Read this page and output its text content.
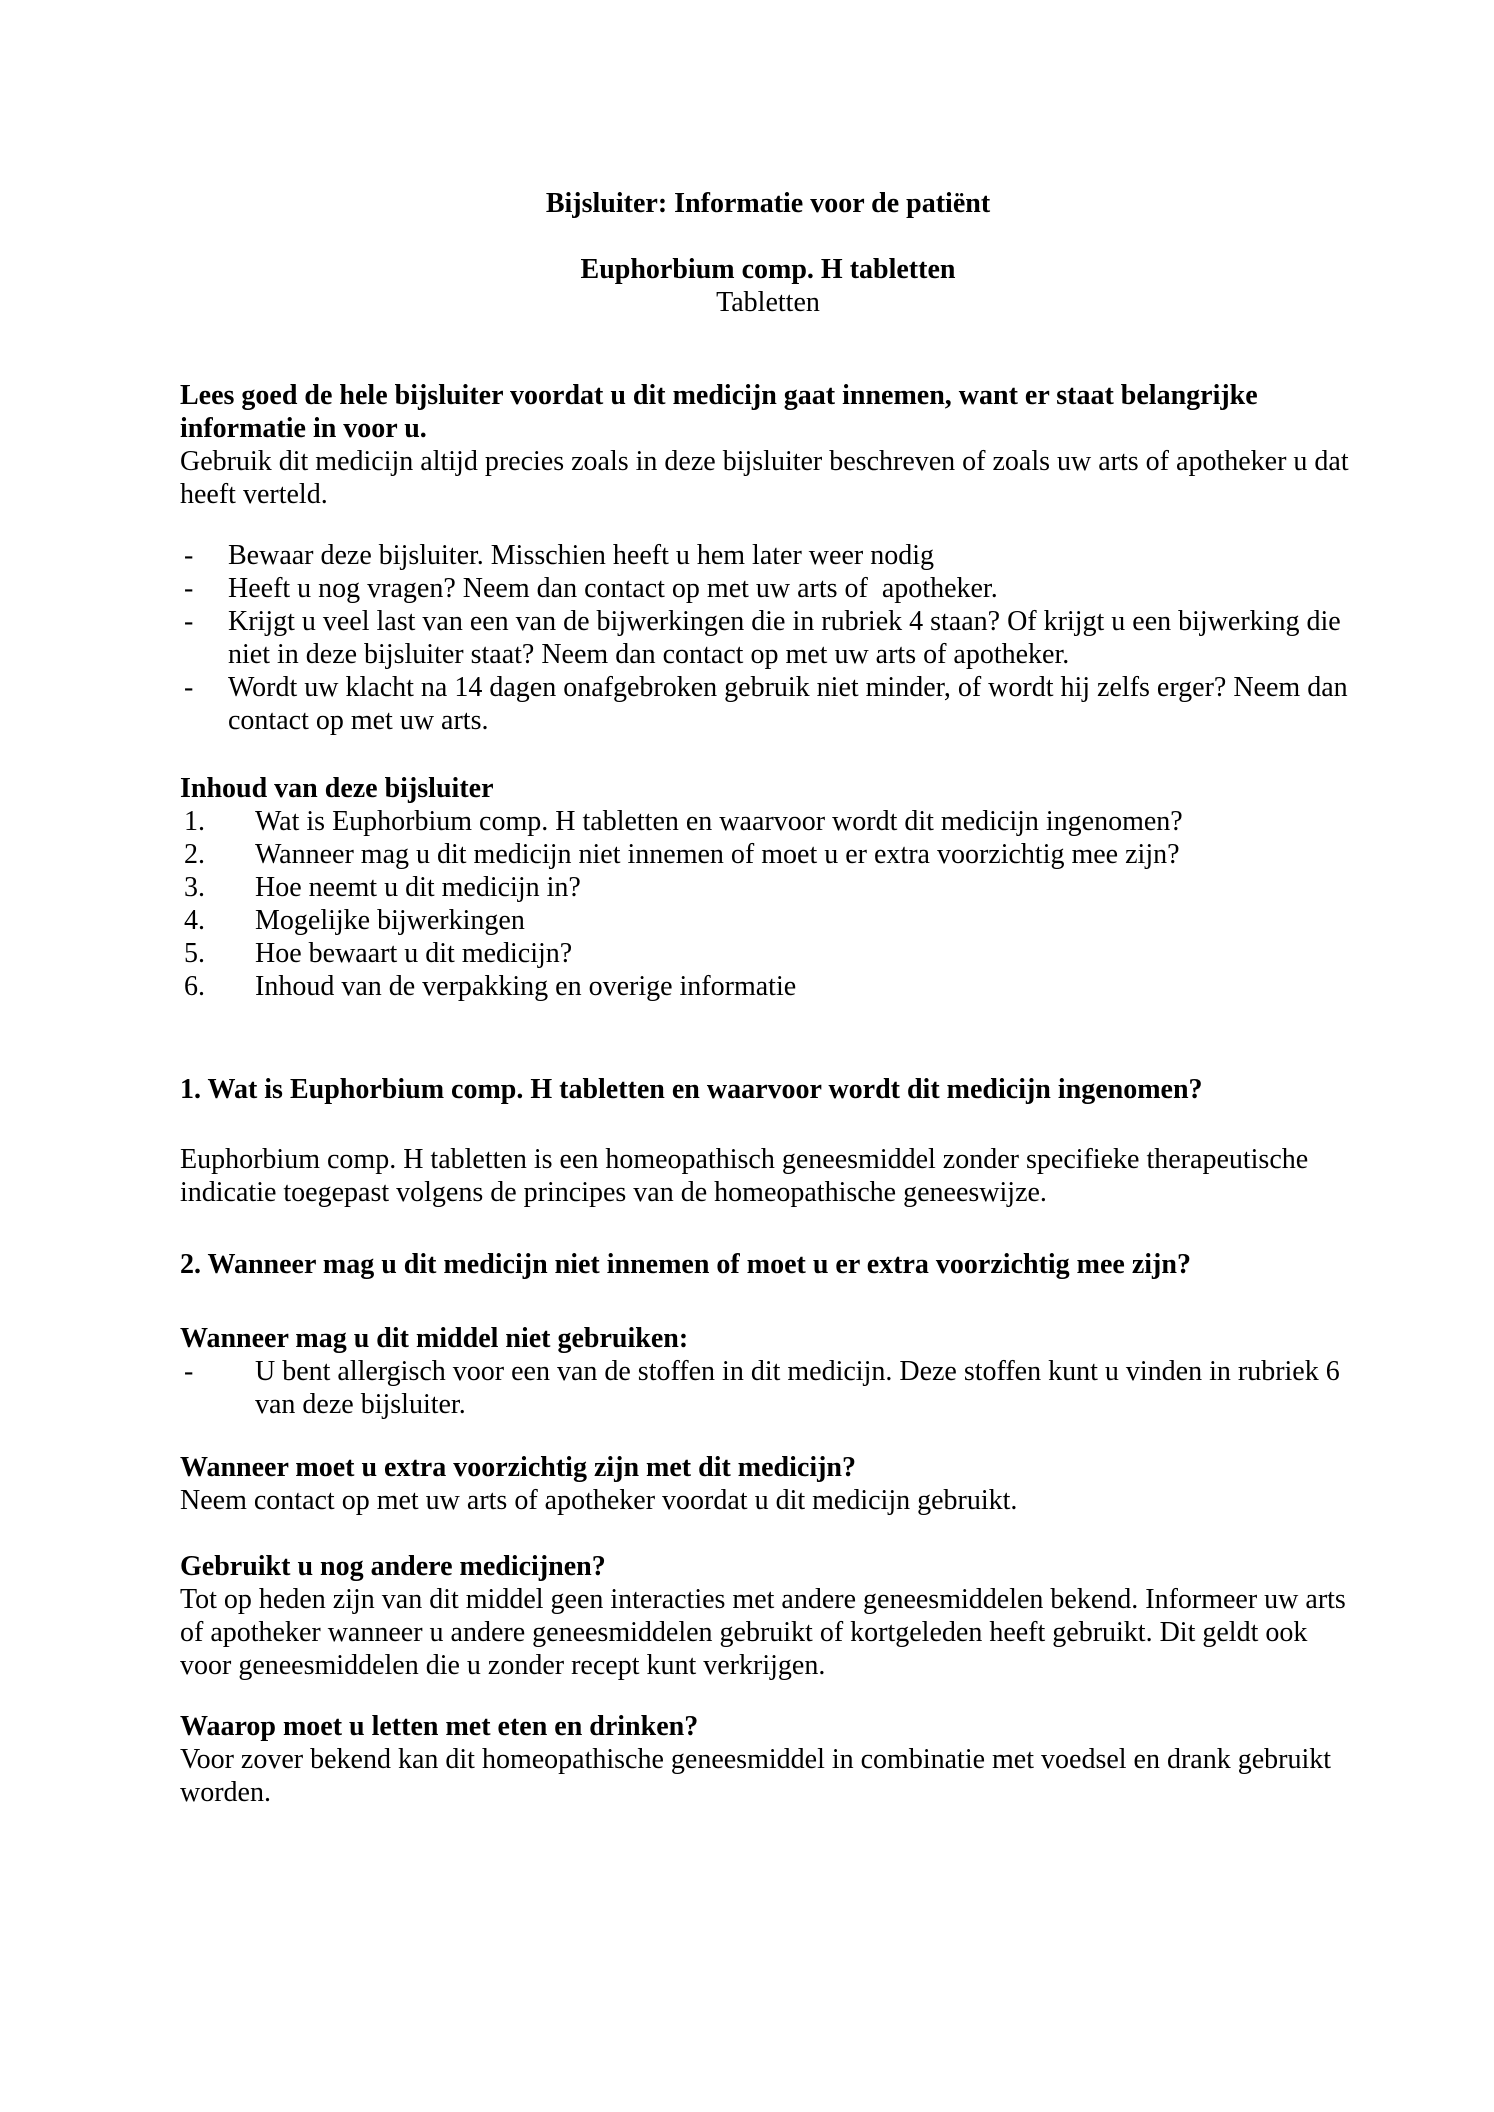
Bijsluiter: Informatie voor de patiënt

Euphorbium comp. H tabletten

Tabletten

Lees goed de hele bijsluiter voordat u dit medicijn gaat innemen, want er staat belangrijke informatie in voor u.

Gebruik dit medicijn altijd precies zoals in deze bijsluiter beschreven of zoals uw arts of apotheker u dat heeft verteld.

-	Bewaar deze bijsluiter. Misschien heeft u hem later weer nodig
-	Heeft u nog vragen? Neem dan contact op met uw arts of  apotheker.
-	Krijgt u veel last van een van de bijwerkingen die in rubriek 4 staan? Of krijgt u een bijwerking die niet in deze bijsluiter staat? Neem dan contact op met uw arts of apotheker.
-	Wordt uw klacht na 14 dagen onafgebroken gebruik niet minder, of wordt hij zelfs erger? Neem dan contact op met uw arts.

Inhoud van deze bijsluiter

1.	Wat is Euphorbium comp. H tabletten en waarvoor wordt dit medicijn ingenomen?
2.	Wanneer mag u dit medicijn niet innemen of moet u er extra voorzichtig mee zijn?
3.	Hoe neemt u dit medicijn in?
4.	Mogelijke bijwerkingen
5.	Hoe bewaart u dit medicijn?
6.	Inhoud van de verpakking en overige informatie

1. Wat is Euphorbium comp. H tabletten en waarvoor wordt dit medicijn ingenomen?

Euphorbium comp. H tabletten is een homeopathisch geneesmiddel zonder specifieke therapeutische indicatie toegepast volgens de principes van de homeopathische geneeswijze.

2. Wanneer mag u dit medicijn niet innemen of moet u er extra voorzichtig mee zijn?

Wanneer mag u dit middel niet gebruiken:

-	U bent allergisch voor een van de stoffen in dit medicijn. Deze stoffen kunt u vinden in rubriek 6 van deze bijsluiter.

Wanneer moet u extra voorzichtig zijn met dit medicijn?

Neem contact op met uw arts of apotheker voordat u dit medicijn gebruikt.

Gebruikt u nog andere medicijnen?

Tot op heden zijn van dit middel geen interacties met andere geneesmiddelen bekend. Informeer uw arts of apotheker wanneer u andere geneesmiddelen gebruikt of kortgeleden heeft gebruikt. Dit geldt ook voor geneesmiddelen die u zonder recept kunt verkrijgen.

Waarop moet u letten met eten en drinken?

Voor zover bekend kan dit homeopathische geneesmiddel in combinatie met voedsel en drank gebruikt worden.
